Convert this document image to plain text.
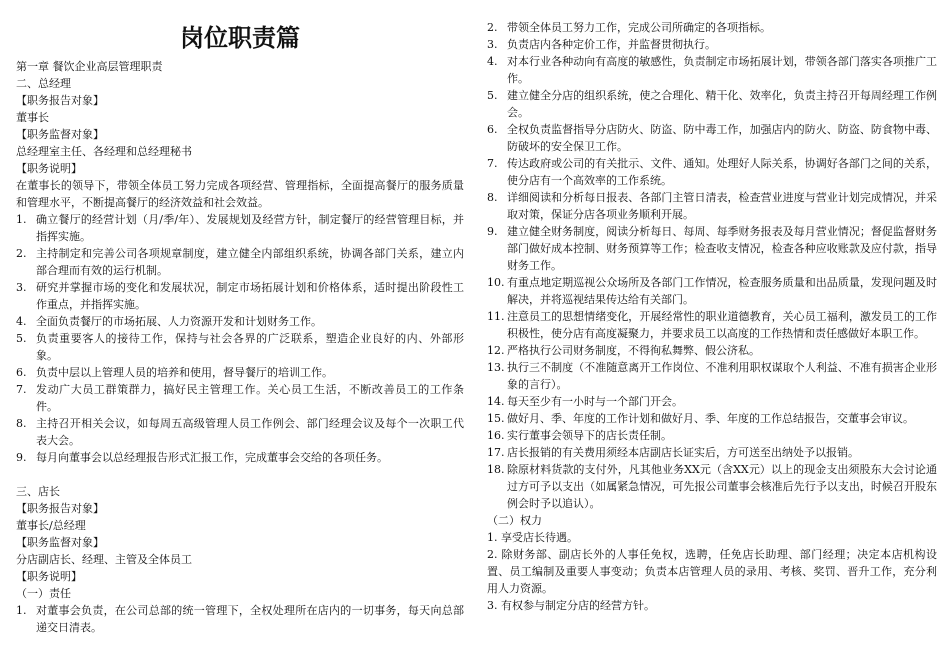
岗位职责篇
第一章 餐饮企业高层管理职责
二、总经理
【职务报告对象】
董事长
【职务监督对象】
总经理室主任、各经理和总经理秘书
【职务说明】
在董事长的领导下，带领全体员工努力完成各项经营、管理指标，全面提高餐厅的服务质量和管理水平，不断提高餐厅的经济效益和社会效益。
1. 确立餐厅的经营计划（月/季/年）、发展规划及经营方针，制定餐厅的经营管理目标，并指挥实施。
2. 主持制定和完善公司各项规章制度，建立健全内部组织系统，协调各部门关系，建立内部合理而有效的运行机制。
3. 研究并掌握市场的变化和发展状况，制定市场拓展计划和价格体系，适时提出阶段性工作重点，并指挥实施。
4. 全面负责餐厅的市场拓展、人力资源开发和计划财务工作。
5. 负责重要客人的接待工作，保持与社会各界的广泛联系，塑造企业良好的内、外部形象。
6. 负责中层以上管理人员的培养和使用，督导餐厅的培训工作。
7. 发动广大员工群策群力，搞好民主管理工作。关心员工生活，不断改善员工的工作条件。
8. 主持召开相关会议，如每周五高级管理人员工作例会、部门经理会议及每个一次职工代表大会。
9. 每月向董事会以总经理报告形式汇报工作，完成董事会交给的各项任务。
三、店长
【职务报告对象】
董事长/总经理
【职务监督对象】
分店副店长、经理、主管及全体员工
【职务说明】
（一）责任
1. 对董事会负责，在公司总部的统一管理下，全权处理所在店内的一切事务，每天向总部递交日清表。
2. 带领全体员工努力工作，完成公司所确定的各项指标。
3. 负责店内各种定价工作，并监督贯彻执行。
4. 对本行业各种动向有高度的敏感性，负责制定市场拓展计划，带领各部门落实各项推广工作。
5. 建立健全分店的组织系统，使之合理化、精干化、效率化，负责主持召开每周经理工作例会。
6. 全权负责监督指导分店防火、防盗、防中毒工作，加强店内的防火、防盗、防食物中毒、防破坏的安全保卫工作。
7. 传达政府或公司的有关批示、文件、通知。处理好人际关系，协调好各部门之间的关系，使分店有一个高效率的工作系统。
8. 详细阅读和分析每日报表、各部门主管日清表，检查营业进度与营业计划完成情况，并采取对策，保证分店各项业务顺利开展。
9. 建立健全财务制度，阅读分析每日、每周、每季财务报表及每月营业情况；督促监督财务部门做好成本控制、财务预算等工作；检查收支情况，检查各种应收账款及应付款，指导财务工作。
10. 有重点地定期巡视公众场所及各部门工作情况，检查服务质量和出品质量，发现问题及时解决，并将巡视结果传达给有关部门。
11. 注意员工的思想情绪变化，开展经常性的职业道德教育，关心员工福利，激发员工的工作积极性，使分店有高度凝聚力，并要求员工以高度的工作热情和责任感做好本职工作。
12. 严格执行公司财务制度，不得徇私舞弊、假公济私。
13. 执行三不制度（不准随意离开工作岗位、不准利用职权谋取个人利益、不准有损害企业形象的言行）。
14. 每天至少有一小时与一个部门开会。
15. 做好月、季、年度的工作计划和做好月、季、年度的工作总结报告，交董事会审议。
16. 实行董事会领导下的店长责任制。
17. 店长报销的有关费用须经本店副店长证实后，方可送至出纳处予以报销。
18. 除原材料货款的支付外，凡其他业务XX元（含XX元）以上的现金支出须股东大会讨论通过方可予以支出（如属紧急情况，可先报公司董事会核准后先行予以支出，时候召开股东例会时予以追认）。
（二）权力
1. 享受店长待遇。
2. 除财务部、副店长外的人事任免权，选聘，任免店长助理、部门经理；决定本店机构设置、员工编制及重要人事变动；负责本店管理人员的录用、考核、奖罚、晋升工作，充分利用人力资源。
3. 有权参与制定分店的经营方针。
